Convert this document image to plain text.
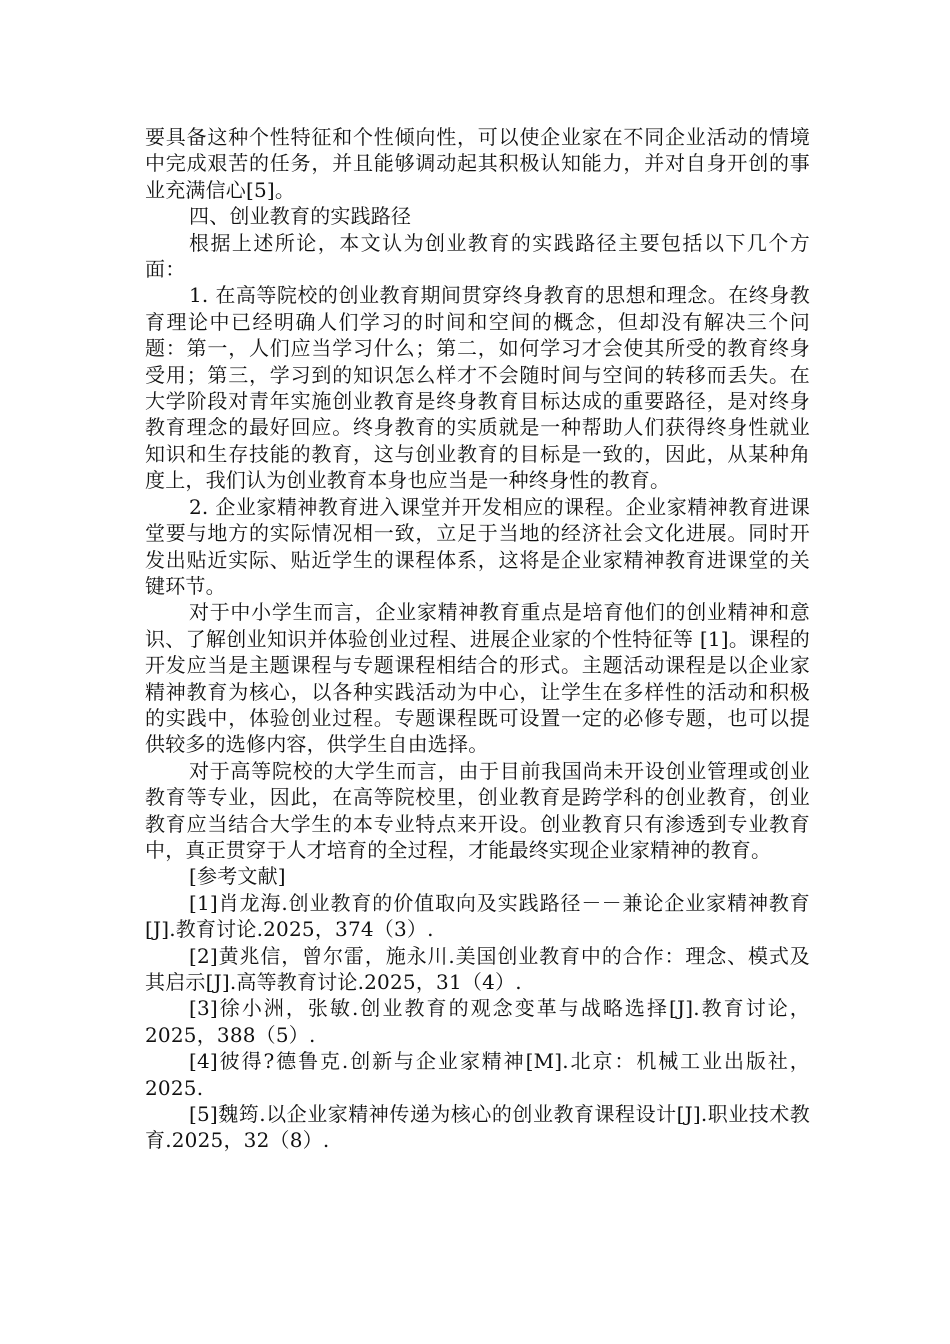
要具备这种个性特征和个性倾向性，可以使企业家在不同企业活动的情境中完成艰苦的任务，并且能够调动起其积极认知能力，并对自身开创的事业充满信心[5]。

四、创业教育的实践路径

根据上述所论，本文认为创业教育的实践路径主要包括以下几个方面：

1. 在高等院校的创业教育期间贯穿终身教育的思想和理念。在终身教育理论中已经明确人们学习的时间和空间的概念，但却没有解决三个问题：第一，人们应当学习什么；第二，如何学习才会使其所受的教育终身受用；第三，学习到的知识怎么样才不会随时间与空间的转移而丢失。在大学阶段对青年实施创业教育是终身教育目标达成的重要路径，是对终身教育理念的最好回应。终身教育的实质就是一种帮助人们获得终身性就业知识和生存技能的教育，这与创业教育的目标是一致的，因此，从某种角度上，我们认为创业教育本身也应当是一种终身性的教育。

2. 企业家精神教育进入课堂并开发相应的课程。企业家精神教育进课堂要与地方的实际情况相一致，立足于当地的经济社会文化进展。同时开发出贴近实际、贴近学生的课程体系，这将是企业家精神教育进课堂的关键环节。

对于中小学生而言，企业家精神教育重点是培育他们的创业精神和意识、了解创业知识并体验创业过程、进展企业家的个性特征等 [1]。课程的开发应当是主题课程与专题课程相结合的形式。主题活动课程是以企业家精神教育为核心，以各种实践活动为中心，让学生在多样性的活动和积极的实践中，体验创业过程。专题课程既可设置一定的必修专题，也可以提供较多的选修内容，供学生自由选择。

对于高等院校的大学生而言，由于目前我国尚未开设创业管理或创业教育等专业，因此，在高等院校里，创业教育是跨学科的创业教育，创业教育应当结合大学生的本专业特点来开设。创业教育只有渗透到专业教育中，真正贯穿于人才培育的全过程，才能最终实现企业家精神的教育。

[参考文献]

[1]肖龙海.创业教育的价值取向及实践路径－－兼论企业家精神教育[J].教育讨论.2025，374（3）.

[2]黄兆信，曾尔雷，施永川.美国创业教育中的合作：理念、模式及其启示[J].高等教育讨论.2025，31（4）.

[3]徐小洲，张敏.创业教育的观念变革与战略选择[J].教育讨论，2025，388（5）.

[4]彼得?德鲁克.创新与企业家精神[M].北京：机械工业出版社，2025.

[5]魏筠.以企业家精神传递为核心的创业教育课程设计[J].职业技术教育.2025，32（8）.
